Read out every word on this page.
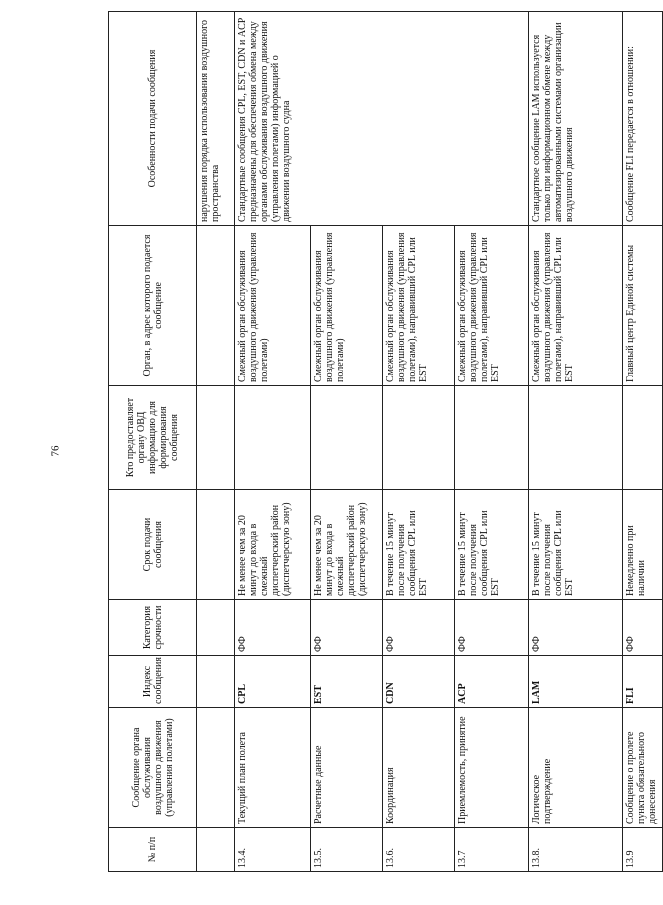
76
№ п/п	Сообщение органа обслуживания воздушного движения (управления полетами)	Индекс сообщения	Категория срочности	Срок подачи сообщения	Кто предоставляет органу ОВД информацию для формирования сообщения	Орган, в адрес которого подается сообщение	Особенности подачи сообщения
							нарушения порядка использования воздушного пространства
13.4.	Текущий план полета	CPL	ФФ	Не менее чем за 20 минут до входа в смежный диспетчерский район (диспетчерскую зону)		Смежный орган обслуживания воздушного движения (управления полетами)	Стандартные сообщения CPL, EST, CDN и ACP предназначены для обеспечения обмена между органами обслуживания воздушного движения (управления полетами) информацией о движении воздушного судна
13.5.	Расчетные данные	EST	ФФ	Не менее чем за 20 минут до входа в смежный диспетчерский район (диспетчерскую зону)		Смежный орган обслуживания воздушного движения (управления полетами)	
13.6.	Координация	CDN	ФФ	В течение 15 минут после получения сообщения CPL или EST		Смежный орган обслуживания воздушного движения (управления полетами), направивший CPL или EST	
13.7	Приемлемость, принятие	ACP	ФФ	В течение 15 минут после получения сообщения CPL или EST		Смежный орган обслуживания воздушного движения (управления полетами), направивший CPL или EST	
13.8.	Логическое подтверждение	LAM	ФФ	В течение 15 минут после получения сообщения CPL или EST		Смежный орган обслуживания воздушного движения (управления полетами), направивший CPL или EST	Стандартное сообщение LAM используется только при информационном обмене между автоматизированными системами организации воздушного движения
13.9	Сообщение о пролете пункта обязательного донесения	FLI	ФФ	Немедленно при наличии		Главный центр Единой системы	Сообщение FLI передается в отношении:
